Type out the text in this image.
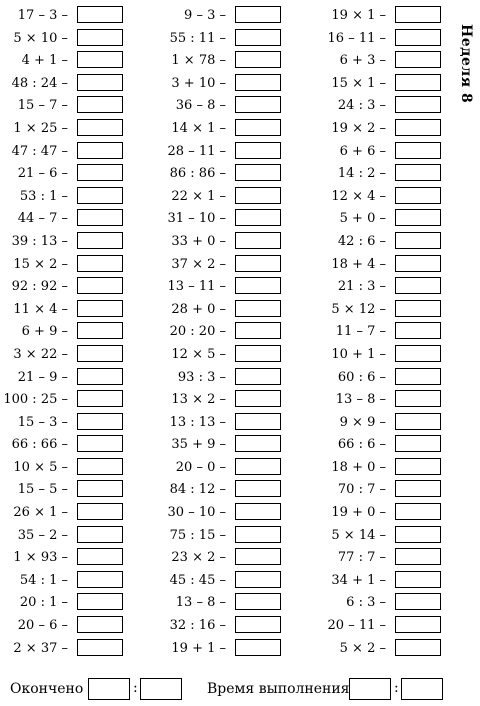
17 – 3 –
5 × 10 –
4 + 1 –
48 : 24 –
15 – 7 –
1 × 25 –
47 : 47 –
21 – 6 –
53 : 1 –
44 – 7 –
39 : 13 –
15 × 2 –
92 : 92 –
11 × 4 –
6 + 9 –
3 × 22 –
21 – 9 –
100 : 25 –
15 – 3 –
66 : 66 –
10 × 5 –
15 – 5 –
26 × 1 –
35 – 2 –
1 × 93 –
54 : 1 –
20 : 1 –
20 – 6 –
2 × 37 –
9 – 3 –
55 : 11 –
1 × 78 –
3 + 10 –
36 – 8 –
14 × 1 –
28 – 11 –
86 : 86 –
22 × 1 –
31 – 10 –
33 + 0 –
37 × 2 –
13 – 11 –
28 + 0 –
20 : 20 –
12 × 5 –
93 : 3 –
13 × 2 –
13 : 13 –
35 + 9 –
20 – 0 –
84 : 12 –
30 – 10 –
75 : 15 –
23 × 2 –
45 : 45 –
13 – 8 –
32 : 16 –
19 + 1 –
19 × 1 –
16 – 11 –
6 + 3 –
15 × 1 –
24 : 3 –
19 × 2 –
6 + 6 –
14 : 2 –
12 × 4 –
5 + 0 –
42 : 6 –
18 + 4 –
21 : 3 –
5 × 12 –
11 – 7 –
10 + 1 –
60 : 6 –
13 – 8 –
9 × 9 –
66 : 6 –
18 + 0 –
70 : 7 –
19 + 0 –
5 × 14 –
77 : 7 –
34 + 1 –
6 : 3 –
20 – 11 –
5 × 2 –
Неделя 8
Окончено	:	Время выполнения	:
